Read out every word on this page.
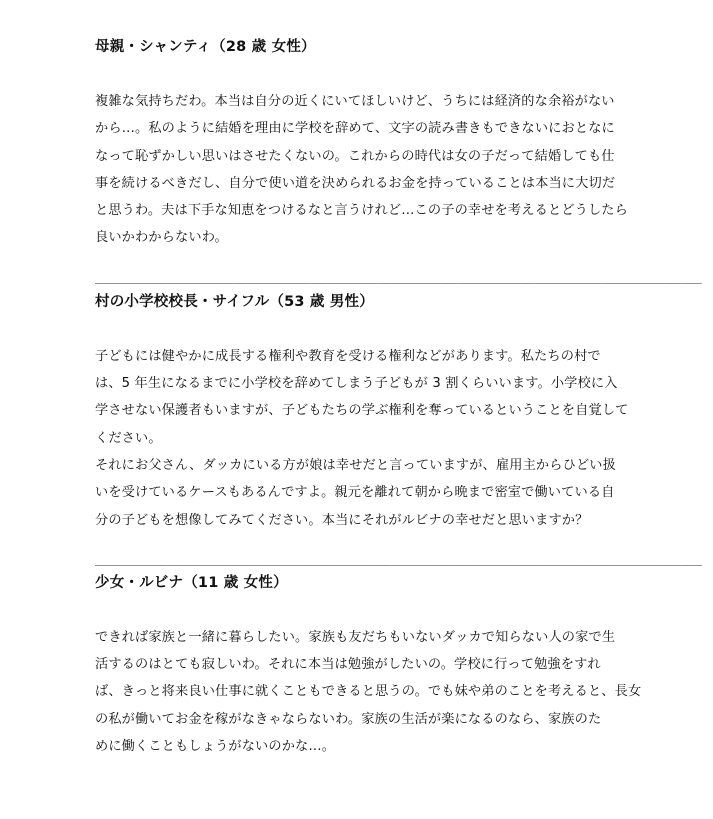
母親・シャンティ（28 歳 女性）

複雑な気持ちだわ。本当は自分の近くにいてほしいけど、うちには経済的な余裕がない
から…。私のように結婚を理由に学校を辞めて、文字の読み書きもできないにおとなに
なって恥ずかしい思いはさせたくないの。これからの時代は女の子だって結婚しても仕
事を続けるべきだし、自分で使い道を決められるお金を持っていることは本当に大切だ
と思うわ。夫は下手な知恵をつけるなと言うけれど…この子の幸せを考えるとどうしたら
良いかわからないわ。

____________________________________________________________________________________
村の小学校校長・サイフル（53 歳 男性）

子どもには健やかに成長する権利や教育を受ける権利などがあります。私たちの村で
は、5 年生になるまでに小学校を辞めてしまう子どもが 3 割くらいいます。小学校に入
学させない保護者もいますが、子どもたちの学ぶ権利を奪っているということを自覚して
ください。

それにお父さん、ダッカにいる方が娘は幸せだと言っていますが、雇用主からひどい扱
いを受けているケースもあるんですよ。親元を離れて朝から晩まで密室で働いている自
分の子どもを想像してみてください。本当にそれがルビナの幸せだと思いますか？

____________________________________________________________________________________
少女・ルビナ（11 歳 女性）

できれば家族と一緒に暮らしたい。家族も友だちもいないダッカで知らない人の家で生
活するのはとても寂しいわ。それに本当は勉強がしたいの。学校に行って勉強をすれ
ば、きっと将来良い仕事に就くこともできると思うの。でも妹や弟のことを考えると、長女
の私が働いてお金を稼がなきゃならないわ。家族の生活が楽になるのなら、家族のた
めに働くこともしょうがないのかな…。
